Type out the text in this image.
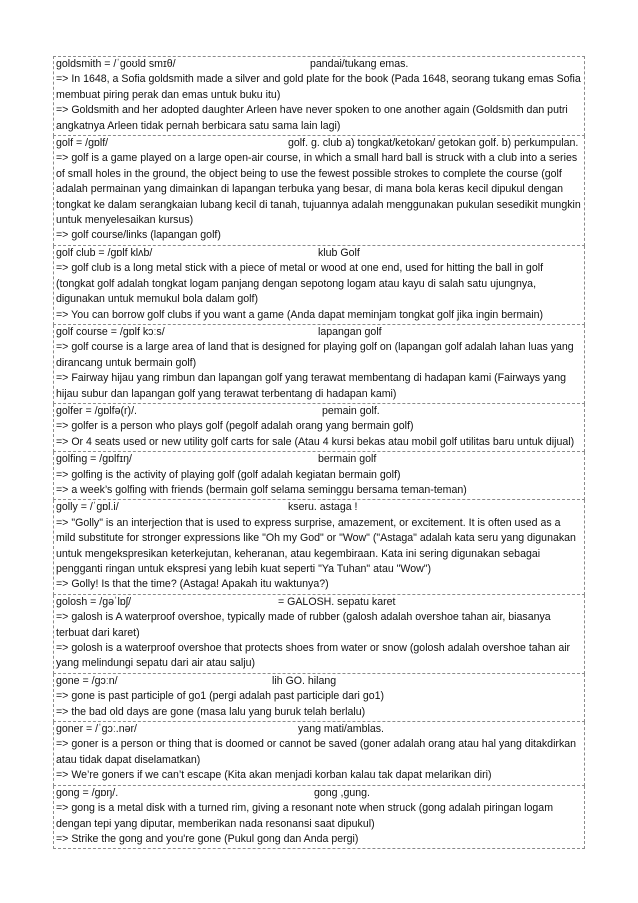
goldsmith = /ˈɡoʊld smɪθ/	pandai/tukang emas.
=> In 1648, a Sofia goldsmith made a silver and gold plate for the book (Pada 1648, seorang tukang emas Sofia membuat piring perak dan emas untuk buku itu)
=> Goldsmith and her adopted daughter Arleen have never spoken to one another again (Goldsmith dan putri angkatnya Arleen tidak pernah berbicara satu sama lain lagi)
golf = /ɡɒlf/	golf. g. club a) tongkat/ketokan/ getokan golf. b) perkumpulan.
=> golf is a game played on a large open-air course, in which a small hard ball is struck with a club into a series of small holes in the ground, the object being to use the fewest possible strokes to complete the course (golf adalah permainan yang dimainkan di lapangan terbuka yang besar, di mana bola keras kecil dipukul dengan tongkat ke dalam serangkaian lubang kecil di tanah, tujuannya adalah menggunakan pukulan sesedikit mungkin untuk menyelesaikan kursus)
=> golf course/links (lapangan golf)
golf club = /ɡɒlf klʌb/	klub Golf
=> golf club is a long metal stick with a piece of metal or wood at one end, used for hitting the ball in golf (tongkat golf adalah tongkat logam panjang dengan sepotong logam atau kayu di salah satu ujungnya, digunakan untuk memukul bola dalam golf)
=> You can borrow golf clubs if you want a game (Anda dapat meminjam tongkat golf jika ingin bermain)
golf course = /ɡɒlf kɔːs/	lapangan golf
=> golf course is a large area of land that is designed for playing golf on (lapangan golf adalah lahan luas yang dirancang untuk bermain golf)
=> Fairway hijau yang rimbun dan lapangan golf yang terawat membentang di hadapan kami (Fairways yang hijau subur dan lapangan golf yang terawat terbentang di hadapan kami)
golfer = /ɡɒlfə(r)/.	pemain golf.
=> golfer is a person who plays golf (pegolf adalah orang yang bermain golf)
=> Or 4 seats used or new utility golf carts for sale (Atau 4 kursi bekas atau mobil golf utilitas baru untuk dijual)
golfing = /ɡɒlfɪŋ/	bermain golf
=> golfing is the activity of playing golf (golf adalah kegiatan bermain golf)
=> a week’s golfing with friends (bermain golf selama seminggu bersama teman-teman)
golly = /ˈɡɒl.i/	kseru. astaga !
=> "Golly" is an interjection that is used to express surprise, amazement, or excitement. It is often used as a mild substitute for stronger expressions like "Oh my God" or "Wow" ("Astaga" adalah kata seru yang digunakan untuk mengekspresikan keterkejutan, keheranan, atau kegembiraan. Kata ini sering digunakan sebagai pengganti ringan untuk ekspresi yang lebih kuat seperti "Ya Tuhan" atau "Wow")
=> Golly! Is that the time? (Astaga! Apakah itu waktunya?)
golosh = /ɡəˈlɒʃ/	= GALOSH. sepatu karet
=> galosh is A waterproof overshoe, typically made of rubber (galosh adalah overshoe tahan air, biasanya terbuat dari karet)
=> golosh is a waterproof overshoe that protects shoes from water or snow (golosh adalah overshoe tahan air yang melindungi sepatu dari air atau salju)
gone = /ɡɔːn/	lih GO. hilang
=> gone is past participle of go1 (pergi adalah past participle dari go1)
=> the bad old days are gone (masa lalu yang buruk telah berlalu)
goner = /ˈɡɔː.nər/	yang mati/amblas.
=> goner is a person or thing that is doomed or cannot be saved (goner adalah orang atau hal yang ditakdirkan atau tidak dapat diselamatkan)
=> We’re goners if we can’t escape (Kita akan menjadi korban kalau tak dapat melarikan diri)
gong = /ɡɒŋ/.	gong ,gung.
=> gong is a metal disk with a turned rim, giving a resonant note when struck (gong adalah piringan logam dengan tepi yang diputar, memberikan nada resonansi saat dipukul)
=> Strike the gong and you're gone (Pukul gong dan Anda pergi)
